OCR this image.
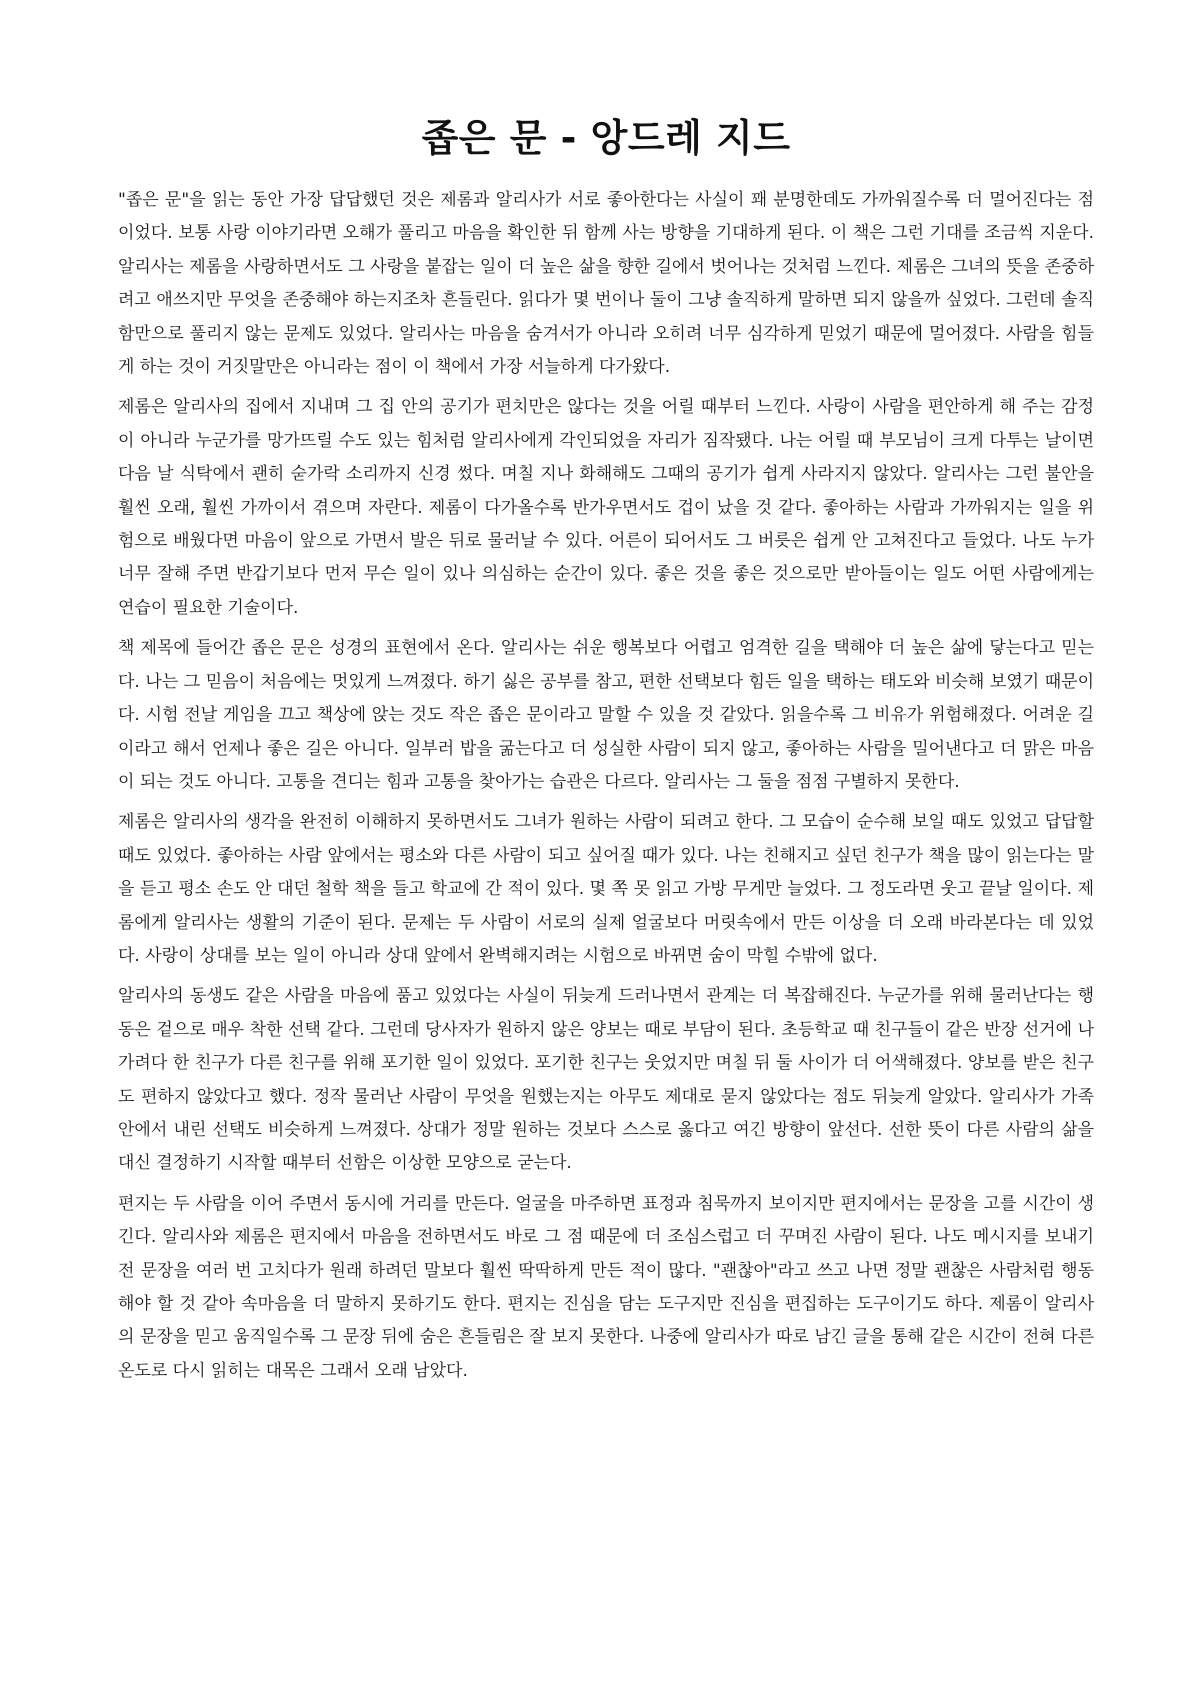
좁은 문 - 앙드레 지드

"좁은 문"을 읽는 동안 가장 답답했던 것은 제롬과 알리사가 서로 좋아한다는 사실이 꽤 분명한데도 가까워질수록 더 멀어진다는 점이었다. 보통 사랑 이야기라면 오해가 풀리고 마음을 확인한 뒤 함께 사는 방향을 기대하게 된다. 이 책은 그런 기대를 조금씩 지운다. 알리사는 제롬을 사랑하면서도 그 사랑을 붙잡는 일이 더 높은 삶을 향한 길에서 벗어나는 것처럼 느낀다. 제롬은 그녀의 뜻을 존중하려고 애쓰지만 무엇을 존중해야 하는지조차 흔들린다. 읽다가 몇 번이나 둘이 그냥 솔직하게 말하면 되지 않을까 싶었다. 그런데 솔직함만으로 풀리지 않는 문제도 있었다. 알리사는 마음을 숨겨서가 아니라 오히려 너무 심각하게 믿었기 때문에 멀어졌다. 사람을 힘들게 하는 것이 거짓말만은 아니라는 점이 이 책에서 가장 서늘하게 다가왔다.

제롬은 알리사의 집에서 지내며 그 집 안의 공기가 편치만은 않다는 것을 어릴 때부터 느낀다. 사랑이 사람을 편안하게 해 주는 감정이 아니라 누군가를 망가뜨릴 수도 있는 힘처럼 알리사에게 각인되었을 자리가 짐작됐다. 나는 어릴 때 부모님이 크게 다투는 날이면 다음 날 식탁에서 괜히 숟가락 소리까지 신경 썼다. 며칠 지나 화해해도 그때의 공기가 쉽게 사라지지 않았다. 알리사는 그런 불안을 훨씬 오래, 훨씬 가까이서 겪으며 자란다. 제롬이 다가올수록 반가우면서도 겁이 났을 것 같다. 좋아하는 사람과 가까워지는 일을 위험으로 배웠다면 마음이 앞으로 가면서 발은 뒤로 물러날 수 있다. 어른이 되어서도 그 버릇은 쉽게 안 고쳐진다고 들었다. 나도 누가 너무 잘해 주면 반갑기보다 먼저 무슨 일이 있나 의심하는 순간이 있다. 좋은 것을 좋은 것으로만 받아들이는 일도 어떤 사람에게는 연습이 필요한 기술이다.

책 제목에 들어간 좁은 문은 성경의 표현에서 온다. 알리사는 쉬운 행복보다 어렵고 엄격한 길을 택해야 더 높은 삶에 닿는다고 믿는다. 나는 그 믿음이 처음에는 멋있게 느껴졌다. 하기 싫은 공부를 참고, 편한 선택보다 힘든 일을 택하는 태도와 비슷해 보였기 때문이다. 시험 전날 게임을 끄고 책상에 앉는 것도 작은 좁은 문이라고 말할 수 있을 것 같았다. 읽을수록 그 비유가 위험해졌다. 어려운 길이라고 해서 언제나 좋은 길은 아니다. 일부러 밥을 굶는다고 더 성실한 사람이 되지 않고, 좋아하는 사람을 밀어낸다고 더 맑은 마음이 되는 것도 아니다. 고통을 견디는 힘과 고통을 찾아가는 습관은 다르다. 알리사는 그 둘을 점점 구별하지 못한다.

제롬은 알리사의 생각을 완전히 이해하지 못하면서도 그녀가 원하는 사람이 되려고 한다. 그 모습이 순수해 보일 때도 있었고 답답할 때도 있었다. 좋아하는 사람 앞에서는 평소와 다른 사람이 되고 싶어질 때가 있다. 나는 친해지고 싶던 친구가 책을 많이 읽는다는 말을 듣고 평소 손도 안 대던 철학 책을 들고 학교에 간 적이 있다. 몇 쪽 못 읽고 가방 무게만 늘었다. 그 정도라면 웃고 끝날 일이다. 제롬에게 알리사는 생활의 기준이 된다. 문제는 두 사람이 서로의 실제 얼굴보다 머릿속에서 만든 이상을 더 오래 바라본다는 데 있었다. 사랑이 상대를 보는 일이 아니라 상대 앞에서 완벽해지려는 시험으로 바뀌면 숨이 막힐 수밖에 없다.

알리사의 동생도 같은 사람을 마음에 품고 있었다는 사실이 뒤늦게 드러나면서 관계는 더 복잡해진다. 누군가를 위해 물러난다는 행동은 겉으로 매우 착한 선택 같다. 그런데 당사자가 원하지 않은 양보는 때로 부담이 된다. 초등학교 때 친구들이 같은 반장 선거에 나가려다 한 친구가 다른 친구를 위해 포기한 일이 있었다. 포기한 친구는 웃었지만 며칠 뒤 둘 사이가 더 어색해졌다. 양보를 받은 친구도 편하지 않았다고 했다. 정작 물러난 사람이 무엇을 원했는지는 아무도 제대로 묻지 않았다는 점도 뒤늦게 알았다. 알리사가 가족 안에서 내린 선택도 비슷하게 느껴졌다. 상대가 정말 원하는 것보다 스스로 옳다고 여긴 방향이 앞선다. 선한 뜻이 다른 사람의 삶을 대신 결정하기 시작할 때부터 선함은 이상한 모양으로 굳는다.

편지는 두 사람을 이어 주면서 동시에 거리를 만든다. 얼굴을 마주하면 표정과 침묵까지 보이지만 편지에서는 문장을 고를 시간이 생긴다. 알리사와 제롬은 편지에서 마음을 전하면서도 바로 그 점 때문에 더 조심스럽고 더 꾸며진 사람이 된다. 나도 메시지를 보내기 전 문장을 여러 번 고치다가 원래 하려던 말보다 훨씬 딱딱하게 만든 적이 많다. "괜찮아"라고 쓰고 나면 정말 괜찮은 사람처럼 행동해야 할 것 같아 속마음을 더 말하지 못하기도 한다. 편지는 진심을 담는 도구지만 진심을 편집하는 도구이기도 하다. 제롬이 알리사의 문장을 믿고 움직일수록 그 문장 뒤에 숨은 흔들림은 잘 보지 못한다. 나중에 알리사가 따로 남긴 글을 통해 같은 시간이 전혀 다른 온도로 다시 읽히는 대목은 그래서 오래 남았다.
